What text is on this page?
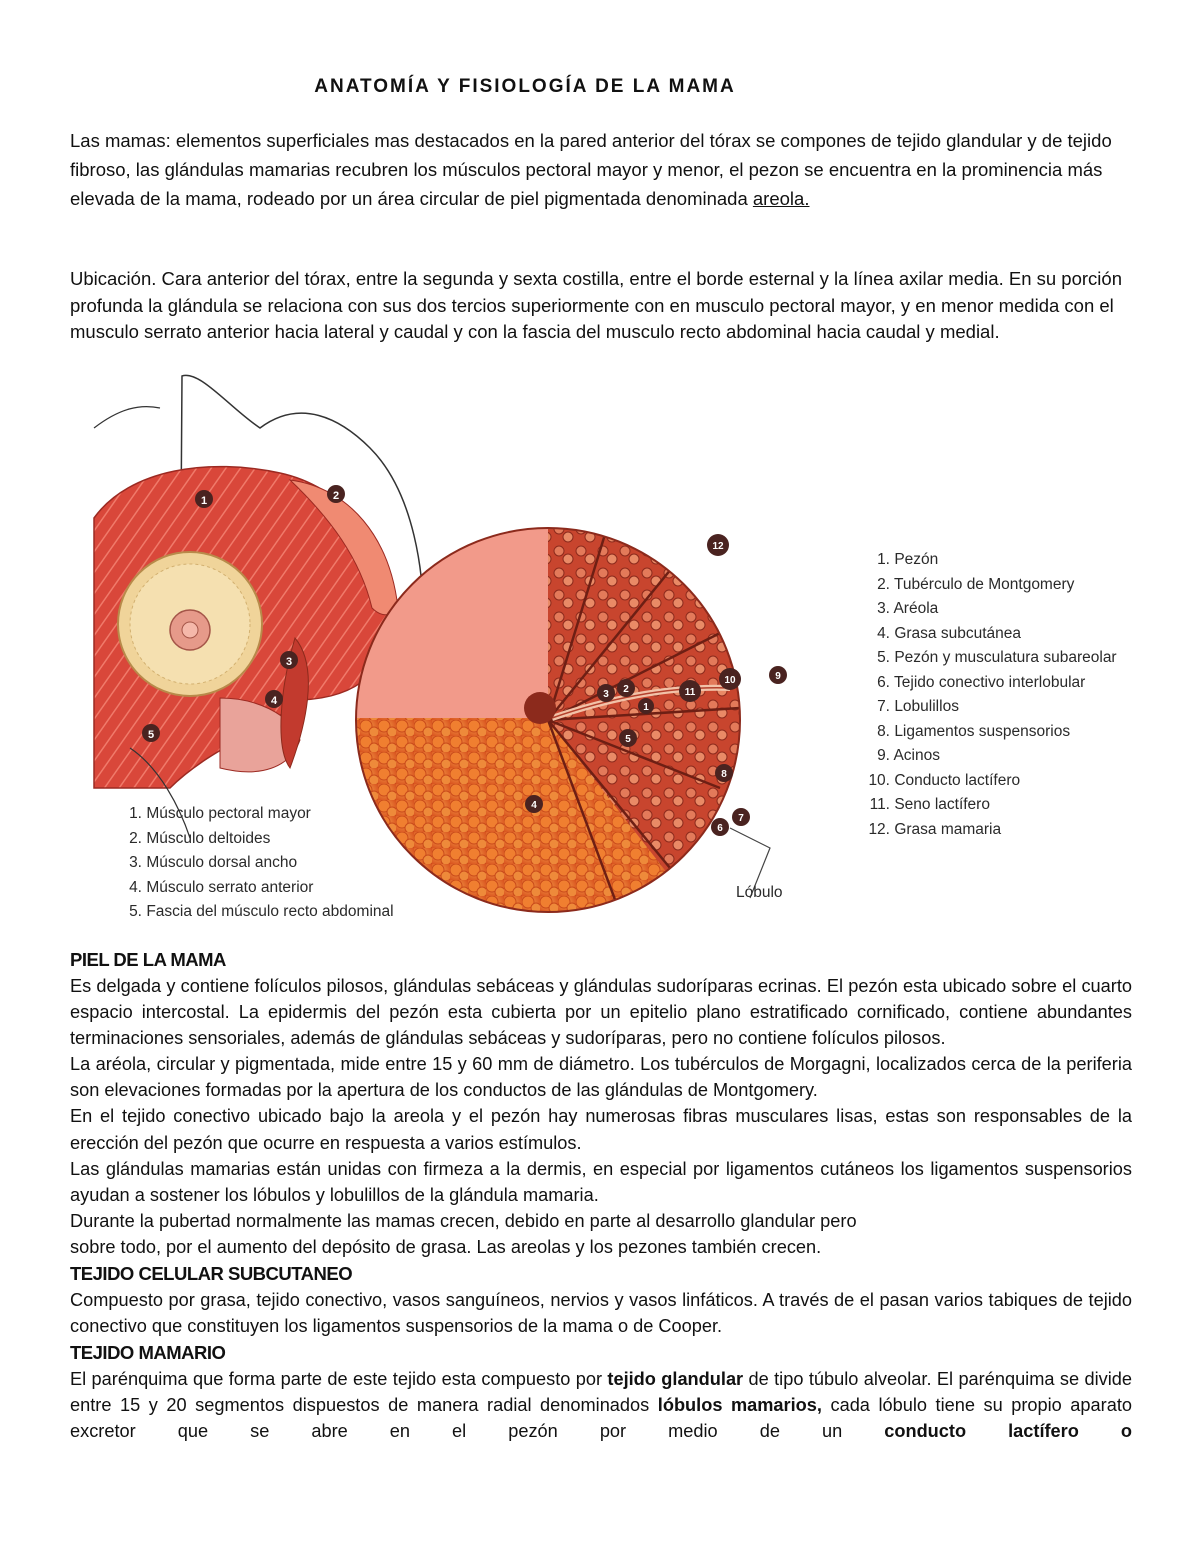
ANATOMÍA Y FISIOLOGÍA DE LA MAMA

Las mamas: elementos superficiales mas destacados en la pared anterior del tórax se compones de tejido glandular y de tejido fibroso, las glándulas mamarias recubren los músculos pectoral mayor y menor, el pezon se encuentra en la prominencia más elevada de la mama, rodeado por un área circular de piel pigmentada denominada areola.

Ubicación. Cara anterior del tórax, entre la segunda y sexta costilla, entre el borde esternal y la línea axilar media. En su porción profunda la glándula se relaciona con sus dos tercios superiormente con en musculo pectoral mayor, y en menor medida con el musculo serrato anterior hacia lateral y caudal y con la fascia del musculo recto abdominal hacia caudal y medial.

1	2
3
4
5
1
2
3
4
5
6
7
8
9
10
11
12
1. Músculo pectoral mayor
2. Músculo deltoides
3. Músculo dorsal ancho
4. Músculo serrato anterior
5. Fascia del músculo recto abdominal
Lóbulo
1. Pezón
2. Tubérculo de Montgomery
3. Aréola
4. Grasa subcutánea
5. Pezón y musculatura subareolar
6. Tejido conectivo interlobular
7. Lobulillos
8. Ligamentos suspensorios
9. Acinos
10. Conducto lactífero
11. Seno lactífero
12. Grasa mamaria
PIEL DE LA MAMA

Es delgada y contiene folículos pilosos, glándulas sebáceas y glándulas sudoríparas ecrinas. El pezón esta ubicado sobre el cuarto espacio intercostal. La epidermis del pezón esta cubierta por un epitelio plano estratificado cornificado, contiene abundantes terminaciones sensoriales, además de glándulas sebáceas y sudoríparas, pero no contiene folículos pilosos.

La aréola, circular y pigmentada, mide entre 15 y 60 mm de diámetro. Los tubérculos de Morgagni, localizados cerca de la periferia son elevaciones formadas por la apertura de los conductos de las glándulas de Montgomery.

En el tejido conectivo ubicado bajo la areola y el pezón hay numerosas fibras musculares lisas, estas son responsables de la erección del pezón que ocurre en respuesta a varios estímulos.

Las glándulas mamarias están unidas con firmeza a la dermis, en especial por ligamentos cutáneos los ligamentos suspensorios ayudan a sostener los lóbulos y lobulillos de la glándula mamaria.

Durante la pubertad normalmente las mamas crecen, debido en parte al desarrollo glandular pero

sobre todo, por el aumento del depósito de grasa. Las areolas y los pezones también crecen.

TEJIDO CELULAR SUBCUTANEO

Compuesto por grasa, tejido conectivo, vasos sanguíneos, nervios y vasos linfáticos. A través de el pasan varios tabiques de tejido conectivo que constituyen los ligamentos suspensorios de la mama o de Cooper.

TEJIDO MAMARIO

El parénquima que forma parte de este tejido esta compuesto por tejido glandular de tipo túbulo alveolar. El parénquima se divide entre 15 y 20 segmentos dispuestos de manera radial denominados lóbulos mamarios, cada lóbulo tiene su propio aparato excretor que se abre en el pezón por medio de un conducto lactífero o
